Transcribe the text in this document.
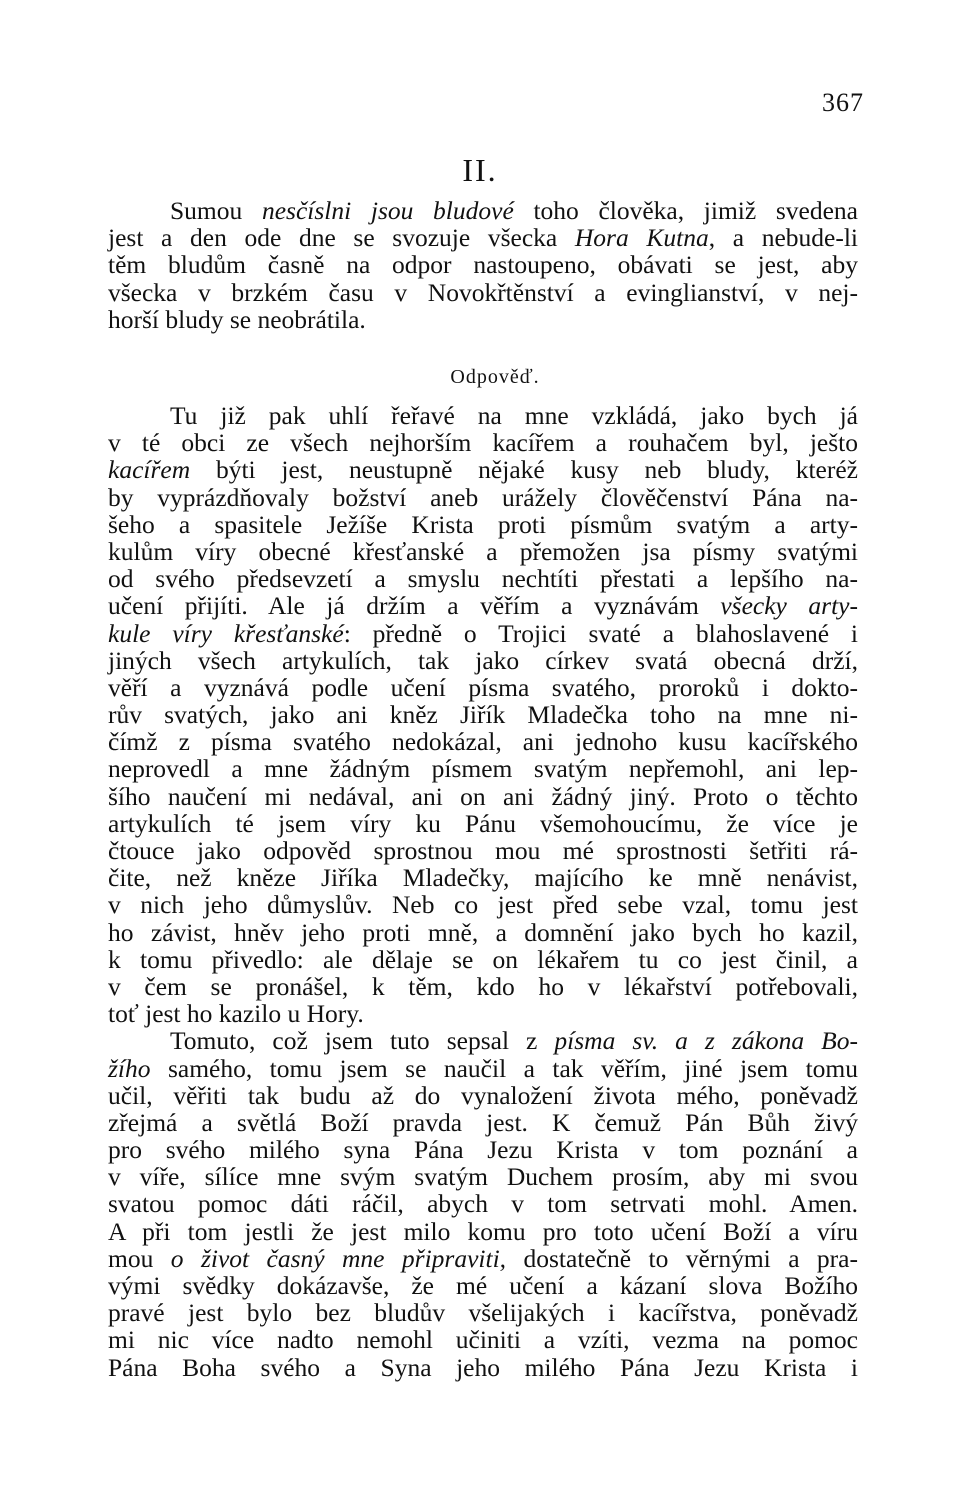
367
II.
Sumou nesčíslni jsou bludové toho člověka, jimiž svedena
jest a den ode dne se svozuje všecka Hora Kutna, a nebude-li
těm bludům časně na odpor nastoupeno, obávati se jest, aby
všecka v brzkém času v Novokřtěnství a evinglianství, v nej-
horší bludy se neobrátila.
Odpověď.
Tu již pak uhlí řeřavé na mne vzkládá, jako bych já
v té obci ze všech nejhorším kacířem a rouhačem byl, ješto
kacířem býti jest, neustupně nějaké kusy neb bludy, kteréž
by vyprázdňovaly božství aneb urážely člověčenství Pána na-
šeho a spasitele Ježíše Krista proti písmům svatým a arty-
kulům víry obecné křesťanské a přemožen jsa písmy svatými
od svého předsevzetí a smyslu nechtíti přestati a lepšího na-
učení přijíti. Ale já držím a věřím a vyznávám všecky arty-
kule víry křesťanské: předně o Trojici svaté a blahoslavené i
jiných všech artykulích, tak jako církev svatá obecná drží,
věří a vyznává podle učení písma svatého, proroků i dokto-
rův svatých, jako ani kněz Jiřík Mladečka toho na mne ni-
čímž z písma svatého nedokázal, ani jednoho kusu kacířského
neprovedl a mne žádným písmem svatým nepřemohl, ani lep-
šího naučení mi nedával, ani on ani žádný jiný. Proto o těchto
artykulích té jsem víry ku Pánu všemohoucímu, že více je
čtouce jako odpověd sprostnou mou mé sprostnosti šetřiti rá-
čite, než kněze Jiříka Mladečky, majícího ke mně nenávist,
v nich jeho důmyslův. Neb co jest před sebe vzal, tomu jest
ho závist, hněv jeho proti mně, a domnění jako bych ho kazil,
k tomu přivedlo: ale dělaje se on lékařem tu co jest činil, a
v čem se pronášel, k těm, kdo ho v lékařství potřebovali,
toť jest ho kazilo u Hory.
Tomuto, což jsem tuto sepsal z písma sv. a z zákona Bo-
žího samého, tomu jsem se naučil a tak věřím, jiné jsem tomu
učil, věřiti tak budu až do vynaložení života mého, poněvadž
zřejmá a světlá Boží pravda jest. K čemuž Pán Bůh živý
pro svého milého syna Pána Jezu Krista v tom poznání a
v víře, sílíce mne svým svatým Duchem prosím, aby mi svou
svatou pomoc dáti ráčil, abych v tom setrvati mohl. Amen.
A při tom jestli že jest milo komu pro toto učení Boží a víru
mou o život časný mne připraviti, dostatečně to věrnými a pra-
vými svědky dokázavše, že mé učení a kázaní slova Božího
pravé jest bylo bez bludův všelijakých i kacířstva, poněvadž
mi nic více nadto nemohl učiniti a vzíti, vezma na pomoc
Pána Boha svého a Syna jeho milého Pána Jezu Krista i
